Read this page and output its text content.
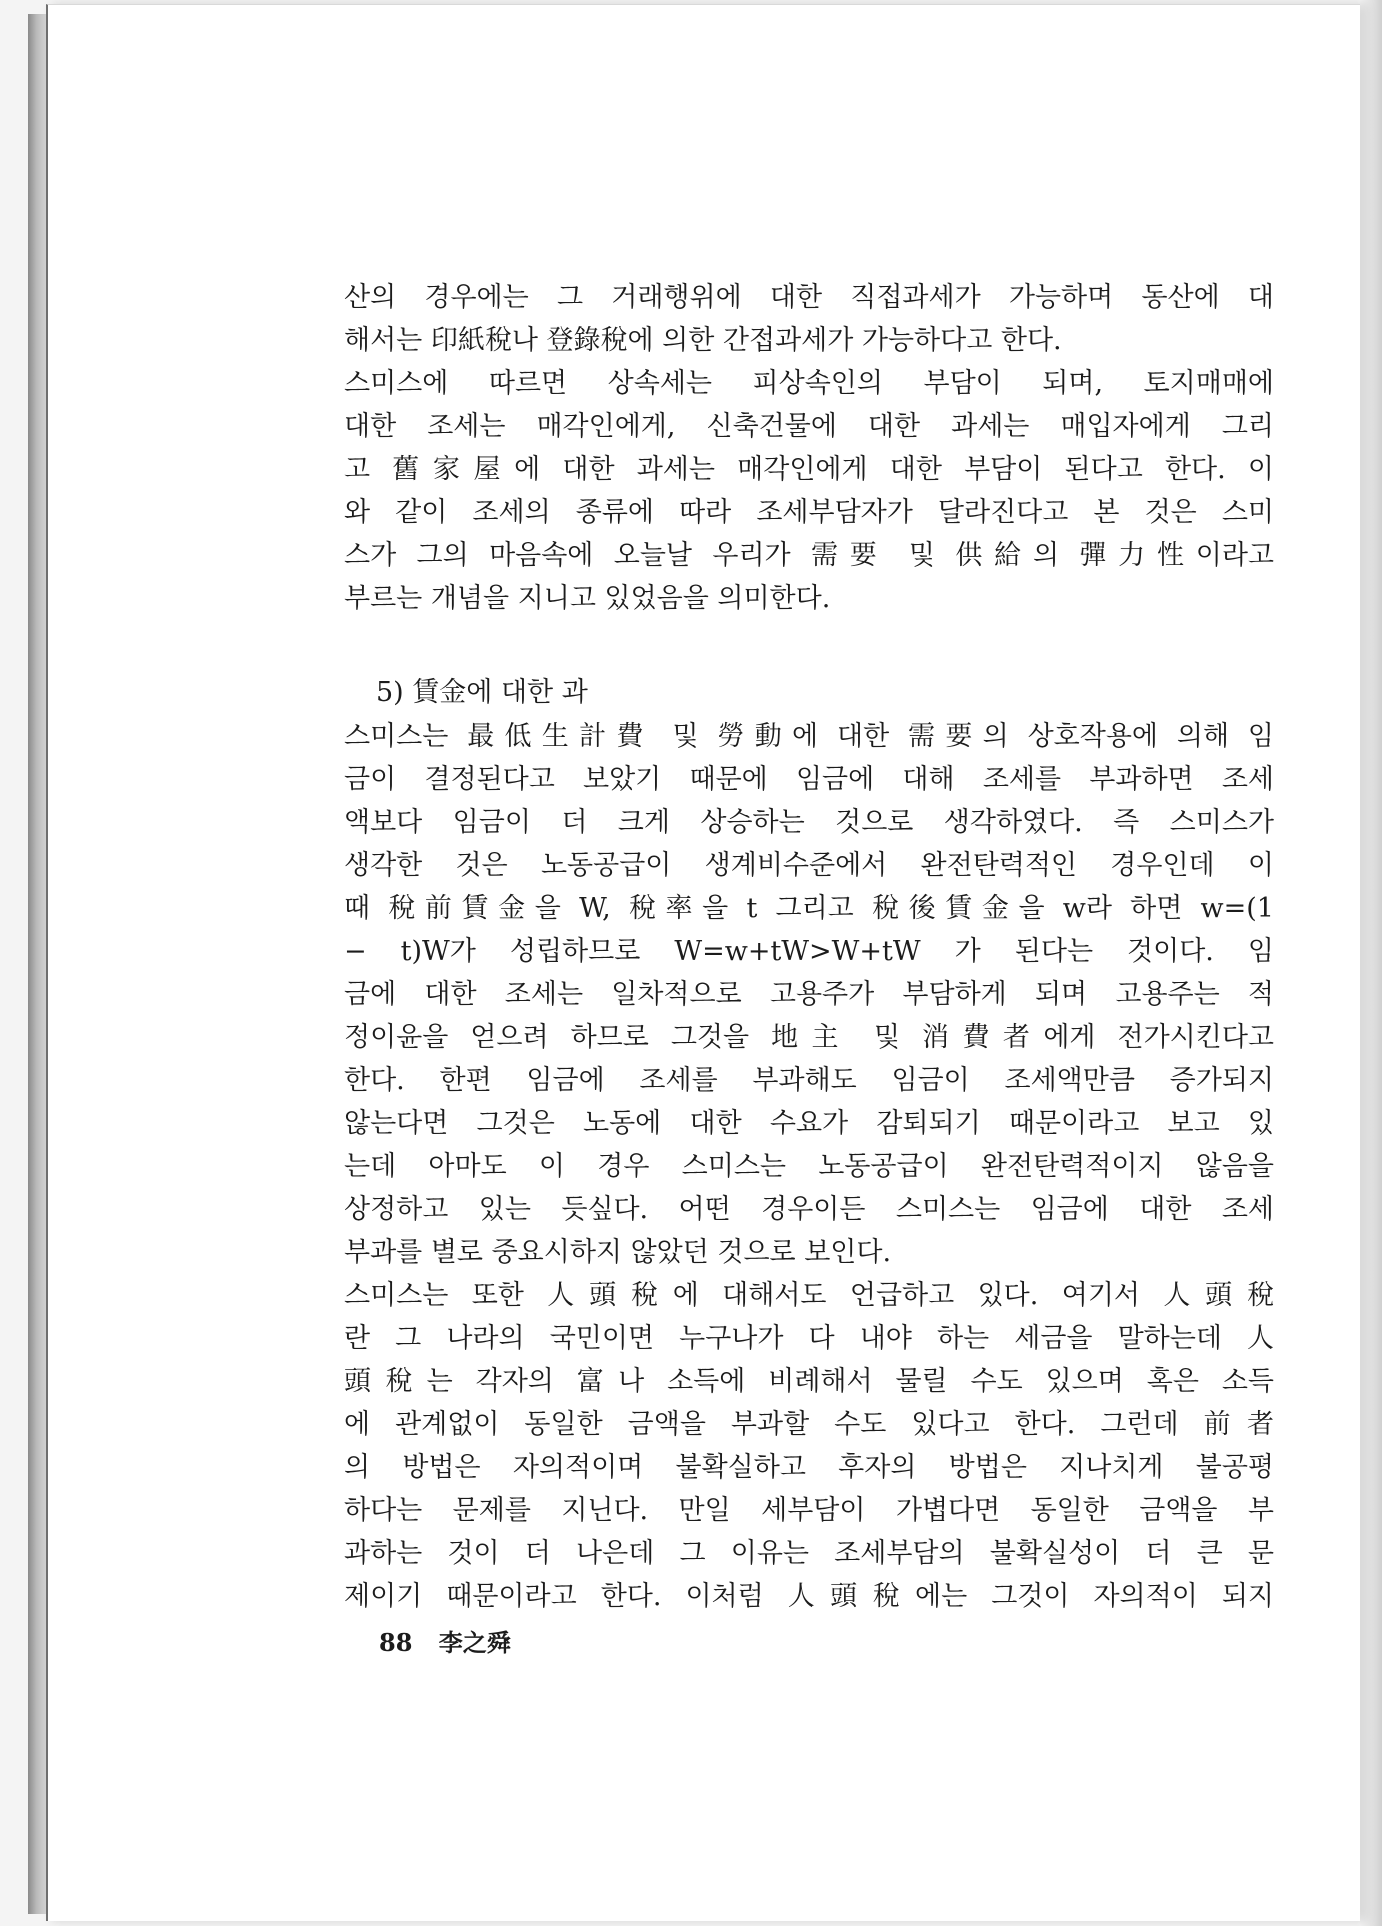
산의 경우에는 그 거래행위에 대한 직접과세가 가능하며 동산에 대
해서는 印紙稅나 登錄稅에 의한 간접과세가 가능하다고 한다.
스미스에 따르면 상속세는 피상속인의 부담이 되며, 토지매매에
대한 조세는 매각인에게, 신축건물에 대한 과세는 매입자에게 그리
고 舊家屋에 대한 과세는 매각인에게 대한 부담이 된다고 한다. 이
와 같이 조세의 종류에 따라 조세부담자가 달라진다고 본 것은 스미
스가 그의 마음속에 오늘날 우리가 需要 및 供給의 彈力性이라고
부르는 개념을 지니고 있었음을 의미한다.
5) 賃金에 대한 과
스미스는 最低生計費 및 勞動에 대한 需要의 상호작용에 의해 임
금이 결정된다고 보았기 때문에 임금에 대해 조세를 부과하면 조세
액보다 임금이 더 크게 상승하는 것으로 생각하였다. 즉 스미스가
생각한 것은 노동공급이 생계비수준에서 완전탄력적인 경우인데 이
때 稅前賃金을 W, 稅率을 t 그리고 稅後賃金을 w라 하면 w=(1
− t)W가 성립하므로 W=w+tW>W+tW 가 된다는 것이다. 임
금에 대한 조세는 일차적으로 고용주가 부담하게 되며 고용주는 적
정이윤을 얻으려 하므로 그것을 地主 및 消費者에게 전가시킨다고
한다. 한편 임금에 조세를 부과해도 임금이 조세액만큼 증가되지
않는다면 그것은 노동에 대한 수요가 감퇴되기 때문이라고 보고 있
는데 아마도 이 경우 스미스는 노동공급이 완전탄력적이지 않음을
상정하고 있는 듯싶다. 어떤 경우이든 스미스는 임금에 대한 조세
부과를 별로 중요시하지 않았던 것으로 보인다.
스미스는 또한 人頭稅에 대해서도 언급하고 있다. 여기서 人頭稅
란 그 나라의 국민이면 누구나가 다 내야 하는 세금을 말하는데 人
頭稅는 각자의 富나 소득에 비례해서 물릴 수도 있으며 혹은 소득
에 관계없이 동일한 금액을 부과할 수도 있다고 한다. 그런데 前者
의 방법은 자의적이며 불확실하고 후자의 방법은 지나치게 불공평
하다는 문제를 지닌다. 만일 세부담이 가볍다면 동일한 금액을 부
과하는 것이 더 나은데 그 이유는 조세부담의 불확실성이 더 큰 문
제이기 때문이라고 한다. 이처럼 人頭稅에는 그것이 자의적이 되지
88 李之舜
